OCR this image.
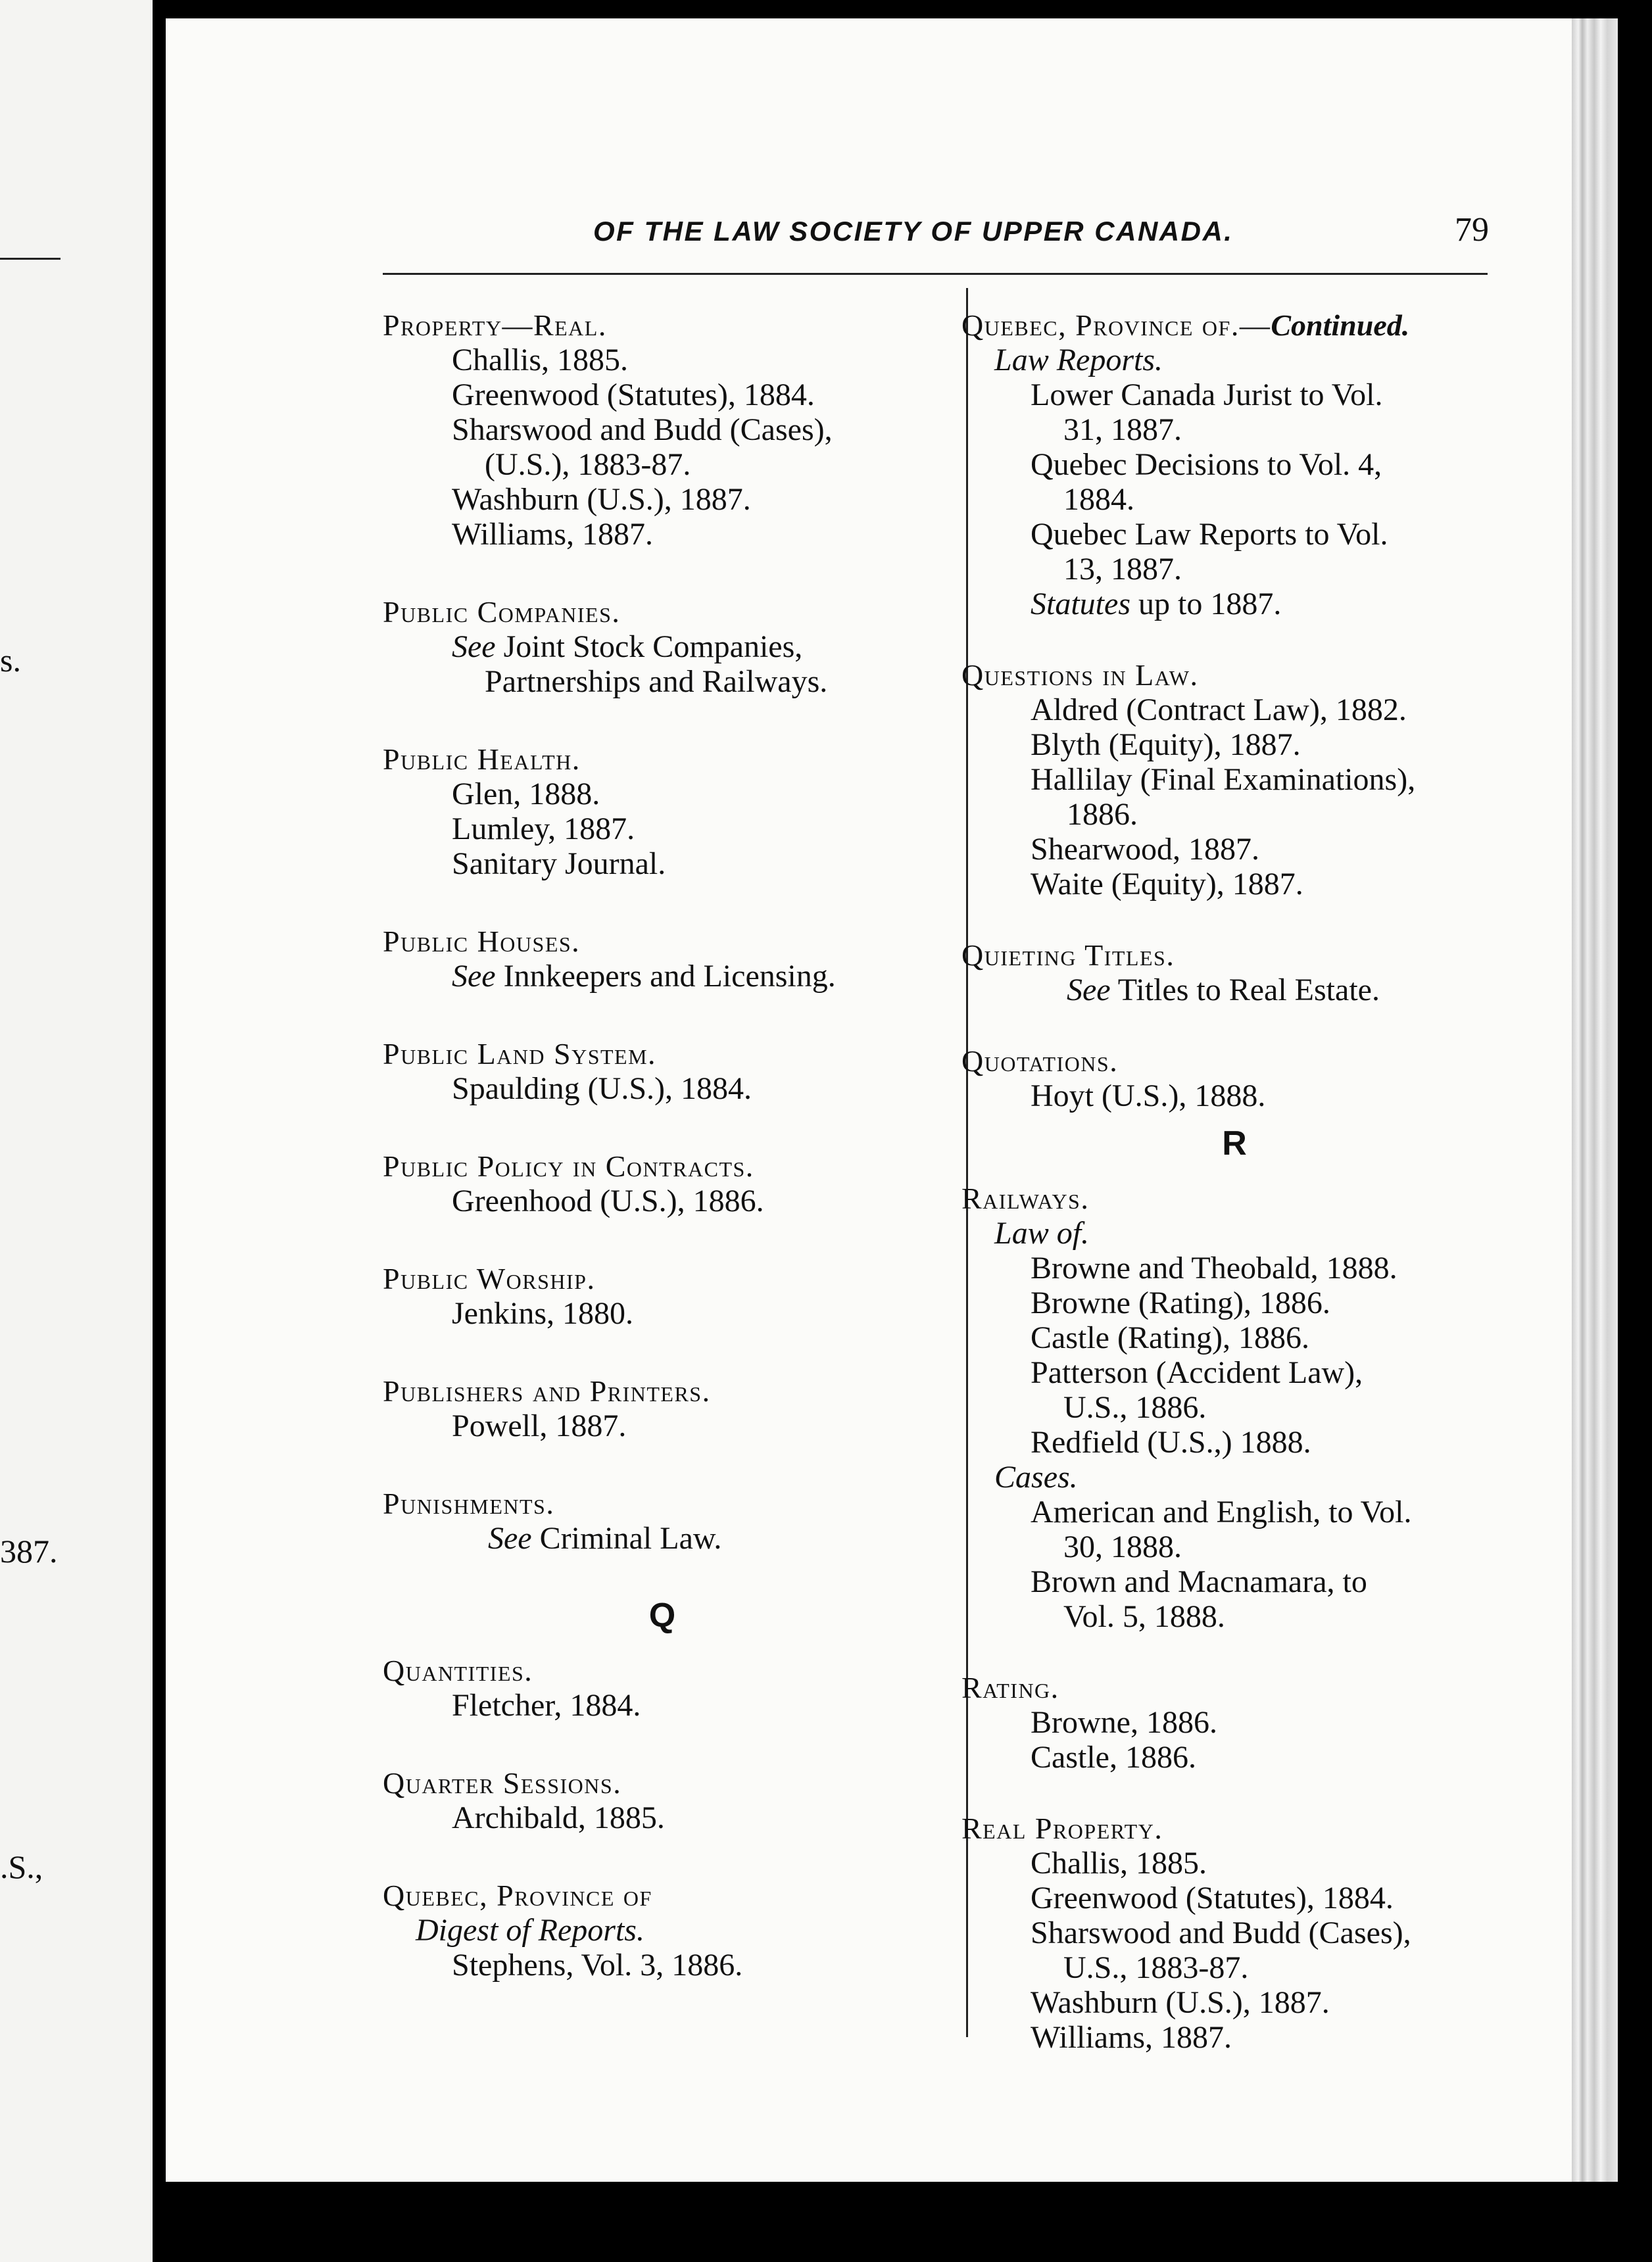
s.
387.
.S.,
OF THE LAW SOCIETY OF UPPER CANADA.	79
Property—Real.
Challis, 1885.
Greenwood (Statutes), 1884.
Sharswood and Budd (Cases),
(U.S.), 1883-87.
Washburn (U.S.), 1887.
Williams, 1887.
Public Companies.
See Joint Stock Companies,
Partnerships and Railways.
Public Health.
Glen, 1888.
Lumley, 1887.
Sanitary Journal.
Public Houses.
See Innkeepers and Licensing.
Public Land System.
Spaulding (U.S.), 1884.
Public Policy in Contracts.
Greenhood (U.S.), 1886.
Public Worship.
Jenkins, 1880.
Publishers and Printers.
Powell, 1887.
Punishments.
See Criminal Law.
Q
Quantities.
Fletcher, 1884.
Quarter Sessions.
Archibald, 1885.
Quebec, Province of
Digest of Reports.
Stephens, Vol. 3, 1886.
Quebec, Province of.—Continued.
Law Reports.
Lower Canada Jurist to Vol.
31, 1887.
Quebec Decisions to Vol. 4,
1884.
Quebec Law Reports to Vol.
13, 1887.
Statutes up to 1887.
Questions in Law.
Aldred (Contract Law), 1882.
Blyth (Equity), 1887.
Hallilay (Final Examinations),
1886.
Shearwood, 1887.
Waite (Equity), 1887.
Quieting Titles.
See Titles to Real Estate.
Quotations.
Hoyt (U.S.), 1888.
R
Railways.
Law of.
Browne and Theobald, 1888.
Browne (Rating), 1886.
Castle (Rating), 1886.
Patterson (Accident Law),
U.S., 1886.
Redfield (U.S.,) 1888.
Cases.
American and English, to Vol.
30, 1888.
Brown and Macnamara, to
Vol. 5, 1888.
Rating.
Browne, 1886.
Castle, 1886.
Real Property.
Challis, 1885.
Greenwood (Statutes), 1884.
Sharswood and Budd (Cases),
U.S., 1883-87.
Washburn (U.S.), 1887.
Williams, 1887.
